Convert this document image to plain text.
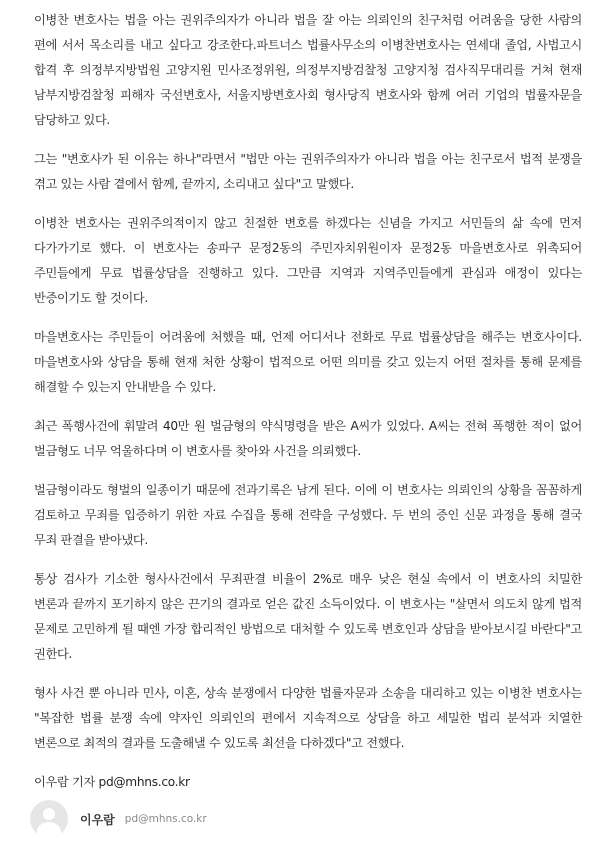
이병찬 변호사는 법을 아는 권위주의자가 아니라 법을 잘 아는 의뢰인의 친구처럼 어려움을 당한 사람의 편에 서서 목소리를 내고 싶다고 강조한다.파트너스 법률사무소의 이병찬변호사는 연세대 졸업, 사법고시 합격 후 의정부지방법원 고양지원 민사조정위원, 의정부지방검찰청 고양지청 검사직무대리를 거쳐 현재 남부지방검찰청 피해자 국선변호사, 서울지방변호사회 형사당직 변호사와 함께 여러 기업의 법률자문을 담당하고 있다.

그는 "변호사가 된 이유는 하나"라면서 "법만 아는 권위주의자가 아니라 법을 아는 친구로서 법적 분쟁을 겪고 있는 사람 곁에서 함께, 끝까지, 소리내고 싶다"고 말했다.

이병찬 변호사는 권위주의적이지 않고 친절한 변호를 하겠다는 신념을 가지고 서민들의 삶 속에 먼저 다가가기로 했다. 이 변호사는 송파구 문정2동의 주민자치위원이자 문정2동 마을변호사로 위촉되어 주민들에게 무료 법률상담을 진행하고 있다. 그만큼 지역과 지역주민들에게 관심과 애정이 있다는 반증이기도 할 것이다.

마을변호사는 주민들이 어려움에 처했을 때, 언제 어디서나 전화로 무료 법률상담을 해주는 변호사이다. 마을변호사와 상담을 통해 현재 처한 상황이 법적으로 어떤 의미를 갖고 있는지 어떤 절차를 통해 문제를 해결할 수 있는지 안내받을 수 있다.

최근 폭행사건에 휘말려 40만 원 벌금형의 약식명령을 받은 A씨가 있었다. A씨는 전혀 폭행한 적이 없어 벌금형도 너무 억울하다며 이 변호사를 찾아와 사건을 의뢰했다.

벌금형이라도 형벌의 일종이기 때문에 전과기록은 남게 된다. 이에 이 변호사는 의뢰인의 상황을 꼼꼼하게 검토하고 무죄를 입증하기 위한 자료 수집을 통해 전략을 구성했다. 두 번의 증인 신문 과정을 통해 결국 무죄 판결을 받아냈다.

통상 검사가 기소한 형사사건에서 무죄판결 비율이 2%로 매우 낮은 현실 속에서 이 변호사의 치밀한 변론과 끝까지 포기하지 않은 끈기의 결과로 얻은 값진 소득이었다. 이 변호사는 "살면서 의도치 않게 법적 문제로 고민하게 될 때엔 가장 합리적인 방법으로 대처할 수 있도록 변호인과 상담을 받아보시길 바란다"고 권한다.

형사 사건 뿐 아니라 민사, 이혼, 상속 분쟁에서 다양한 법률자문과 소송을 대리하고 있는 이병찬 변호사는 "복잡한 법률 분쟁 속에 약자인 의뢰인의 편에서 지속적으로 상담을 하고 세밀한 법리 분석과 치열한 변론으로 최적의 결과를 도출해낼 수 있도록 최선을 다하겠다"고 전했다.

이우람 기자 pd@mhns.co.kr

이우람 pd@mhns.co.kr
